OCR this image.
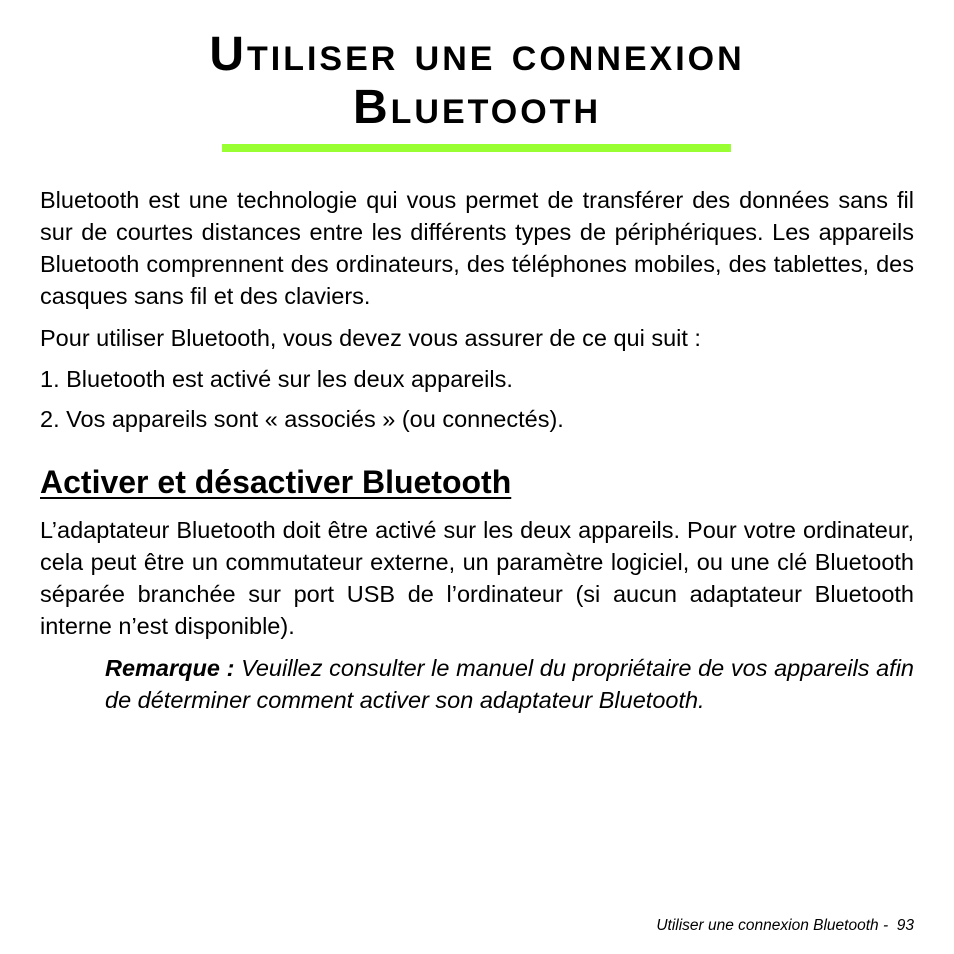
Utiliser une connexion
Bluetooth

Bluetooth est une technologie qui vous permet de transférer des données sans fil sur de courtes distances entre les différents types de périphériques. Les appareils Bluetooth comprennent des ordinateurs, des téléphones mobiles, des tablettes, des casques sans fil et des claviers.

Pour utiliser Bluetooth, vous devez vous assurer de ce qui suit :

1. Bluetooth est activé sur les deux appareils.

2. Vos appareils sont « associés » (ou connectés).

Activer et désactiver Bluetooth

L’adaptateur Bluetooth doit être activé sur les deux appareils. Pour votre ordinateur, cela peut être un commutateur externe, un paramètre logiciel, ou une clé Bluetooth séparée branchée sur port USB de l’ordinateur (si aucun adaptateur Bluetooth interne n’est disponible).

Remarque : Veuillez consulter le manuel du propriétaire de vos appareils afin de déterminer comment activer son adaptateur Bluetooth.

Utiliser une connexion Bluetooth - 93
